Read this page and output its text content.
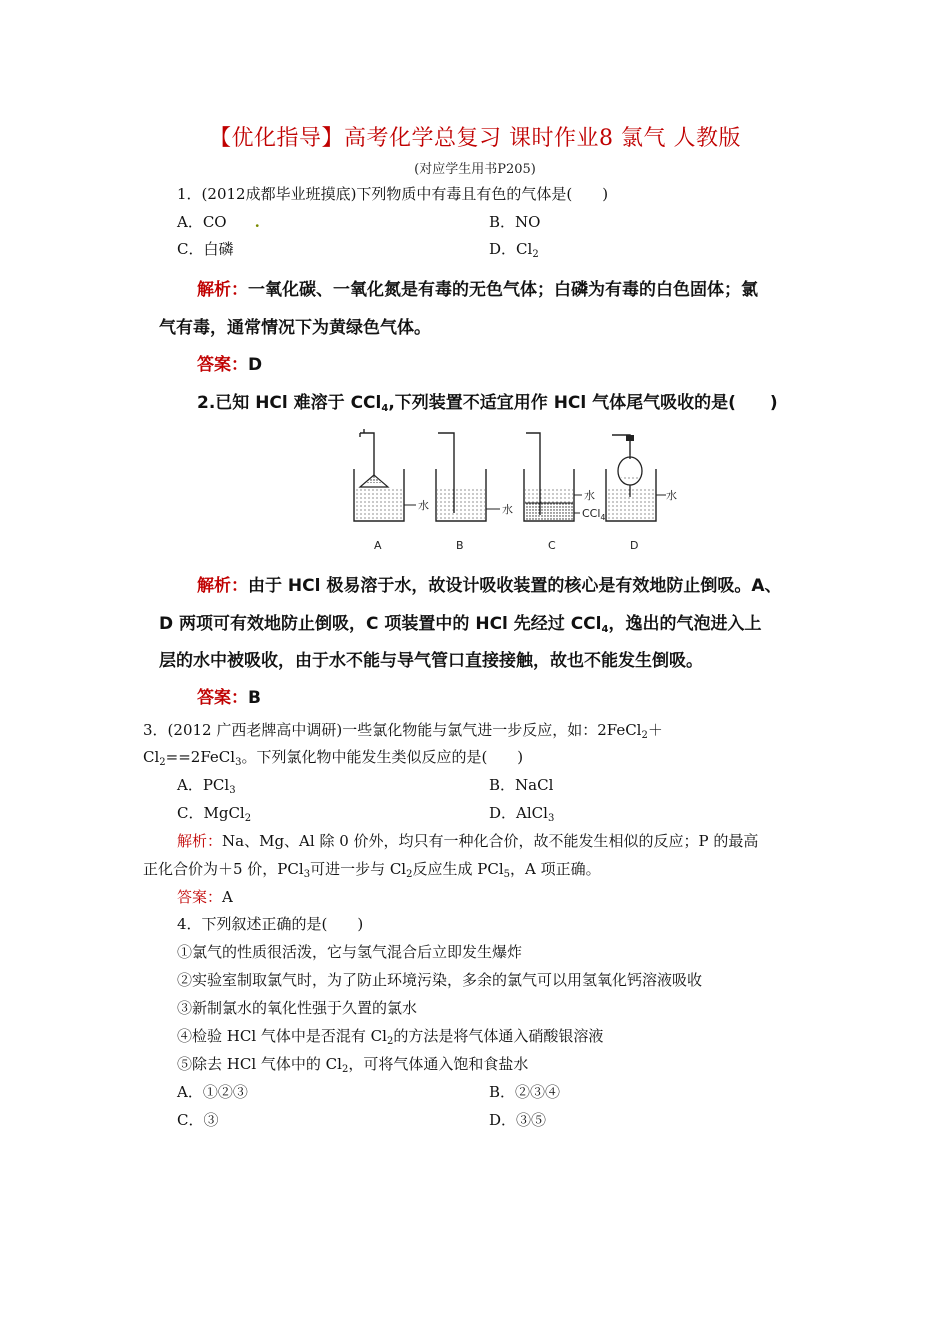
【优化指导】高考化学总复习 课时作业8 氯气 人教版
(对应学生用书P205)
1．(2012成都毕业班摸底)下列物质中有毒且有色的气体是(　　)
A．CO .	B．NO
C．白磷	D．$Cl_2$
解析：一氧化碳、一氧化氮是有毒的无色气体；白磷为有毒的白色固体；氯
气有毒，通常情况下为黄绿色气体。
答案：D
2.已知 HCl 难溶于 CCl$_4$,下列装置不适宜用作 HCl 气体尾气吸收的是(　　)
水
A
水
B
水
CCl$_4$
C
水
D
解析：由于 HCl 极易溶于水，故设计吸收装置的核心是有效地防止倒吸。A、
D 两项可有效地防止倒吸，C 项装置中的 HCl 先经过 CCl$_4$，逸出的气泡进入上
层的水中被吸收，由于水不能与导气管口直接接触，故也不能发生倒吸。
答案：B
3．(2012 广西老牌高中调研)一些氯化物能与氯气进一步反应，如：2FeCl$_2$＋
$Cl_2==2FeCl_3$。下列氯化物中能发生类似反应的是(　　)
A．PCl$_3$	B．NaCl
C．MgCl$_2$	D．AlCl$_3$
解析：Na、Mg、Al 除 0 价外，均只有一种化合价，故不能发生相似的反应；P 的最高
正化合价为＋5 价，PCl$_3$可进一步与 $Cl_2$反应生成 PCl$_5$，A 项正确。
答案：A
4．下列叙述正确的是(　　)
①氯气的性质很活泼，它与氢气混合后立即发生爆炸
②实验室制取氯气时，为了防止环境污染，多余的氯气可以用氢氧化钙溶液吸收
③新制氯水的氧化性强于久置的氯水
④检验 HCl 气体中是否混有 $Cl_2$的方法是将气体通入硝酸银溶液
⑤除去 HCl 气体中的 $Cl_2$，可将气体通入饱和食盐水
A．①②③	B．②③④
C．③	D．③⑤
